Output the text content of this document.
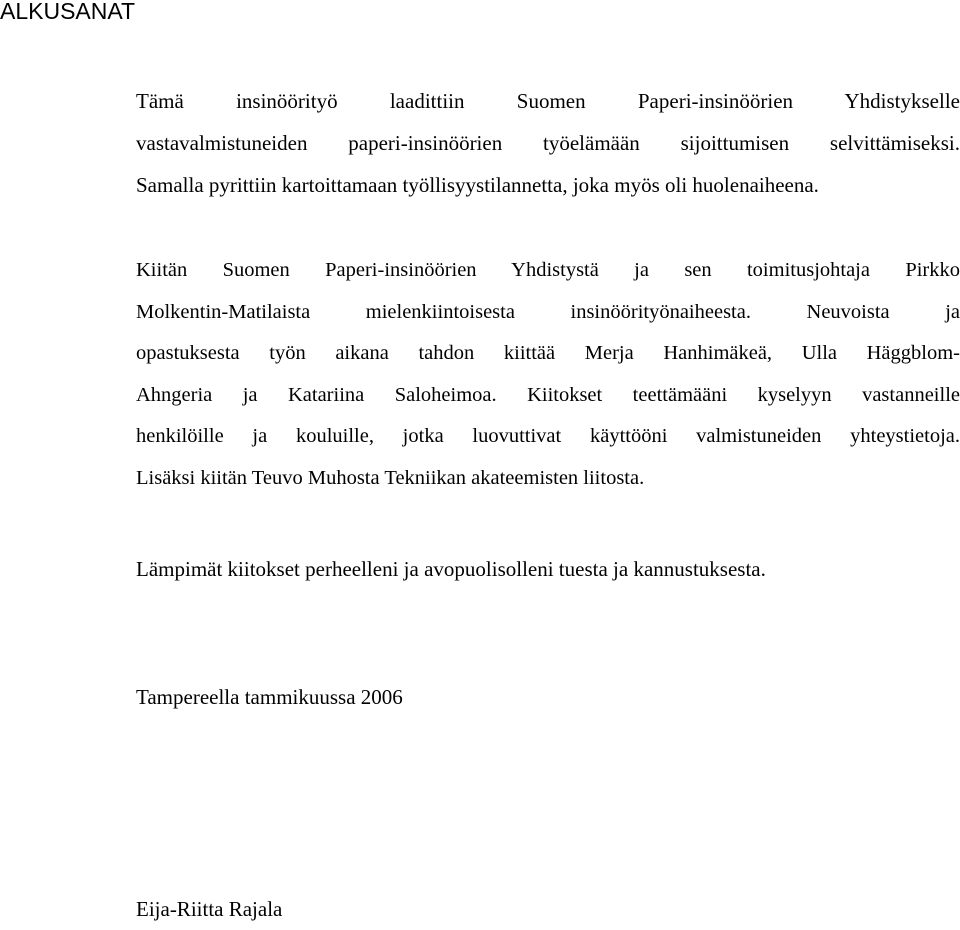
ALKUSANAT
Tämä insinöörityö laadittiin Suomen Paperi-insinöörien Yhdistykselle
vastavalmistuneiden paperi-insinöörien työelämään sijoittumisen selvittämiseksi.
Samalla pyrittiin kartoittamaan työllisyystilannetta, joka myös oli huolenaiheena.
Kiitän Suomen Paperi-insinöörien Yhdistystä ja sen toimitusjohtaja Pirkko
Molkentin-Matilaista mielenkiintoisesta insinöörityönaiheesta. Neuvoista ja
opastuksesta työn aikana tahdon kiittää Merja Hanhimäkeä, Ulla Häggblom-
Ahngeria ja Katariina Saloheimoa. Kiitokset teettämääni kyselyyn vastanneille
henkilöille ja kouluille, jotka luovuttivat käyttööni valmistuneiden yhteystietoja.
Lisäksi kiitän Teuvo Muhosta Tekniikan akateemisten liitosta.

Lämpimät kiitokset perheelleni ja avopuolisolleni tuesta ja kannustuksesta.

Tampereella tammikuussa 2006

Eija-Riitta Rajala
